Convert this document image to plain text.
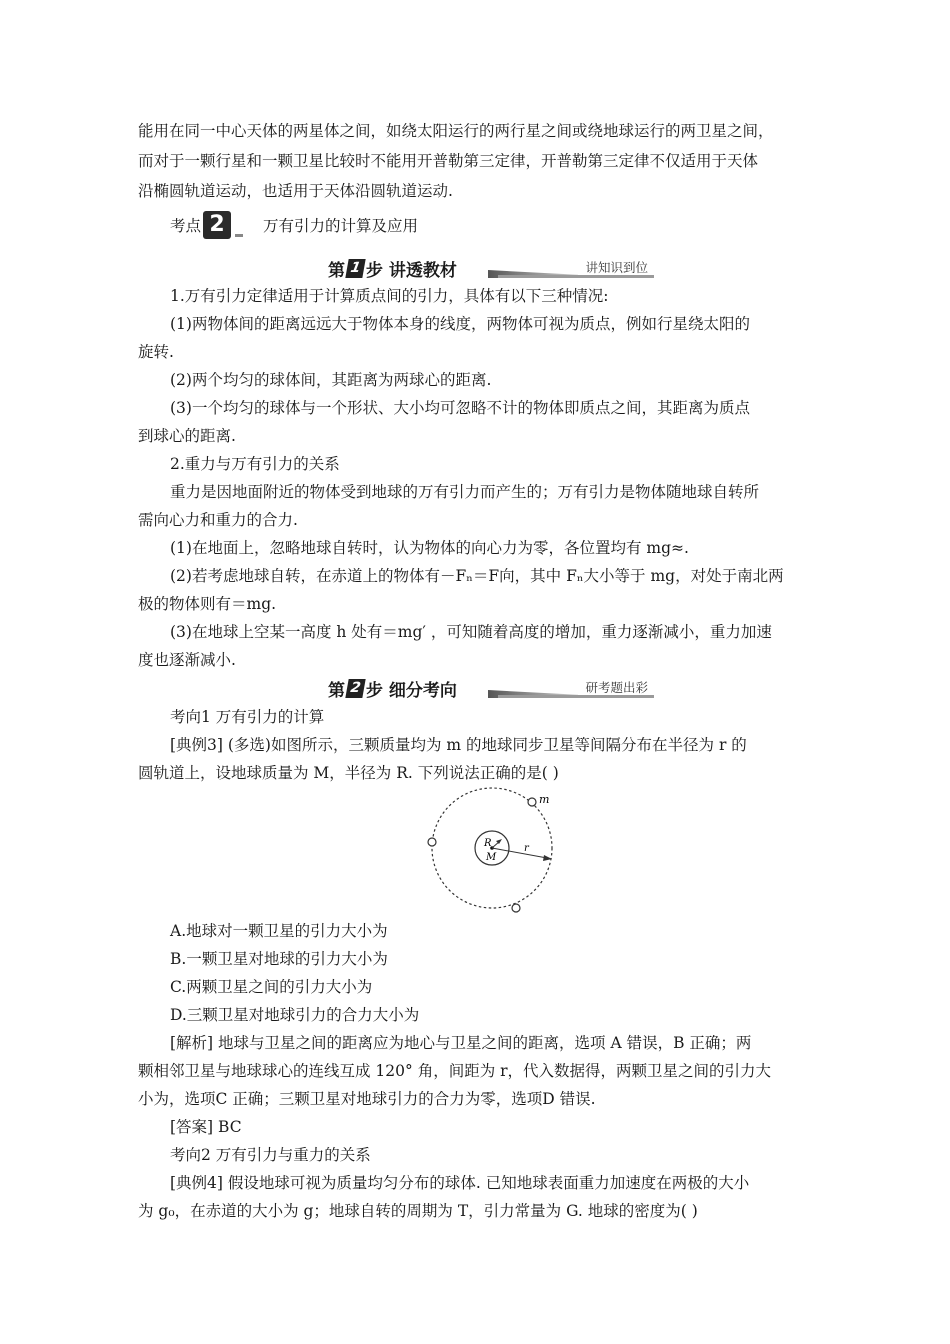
能用在同一中心天体的两星体之间，如绕太阳运行的两行星之间或绕地球运行的两卫星之间，

而对于一颗行星和一颗卫星比较时不能用开普勒第三定律，开普勒第三定律不仅适用于天体

沿椭圆轨道运动，也适用于天体沿圆轨道运动.

考点 2	万有引力的计算及应用
第 1 步 讲透教材	讲知识到位

1.万有引力定律适用于计算质点间的引力，具体有以下三种情况:

(1)两物体间的距离远远大于物体本身的线度，两物体可视为质点，例如行星绕太阳的

旋转.

(2)两个均匀的球体间，其距离为两球心的距离.

(3)一个均匀的球体与一个形状、大小均可忽略不计的物体即质点之间，其距离为质点

到球心的距离.

2.重力与万有引力的关系

重力是因地面附近的物体受到地球的万有引力而产生的；万有引力是物体随地球自转所

需向心力和重力的合力.

(1)在地面上，忽略地球自转时，认为物体的向心力为零，各位置均有 mg≈.

(2)若考虑地球自转，在赤道上的物体有－Fₙ＝F向，其中 Fₙ大小等于 mg，对处于南北两

极的物体则有＝mg.

(3)在地球上空某一高度 h 处有＝mg′ ，可知随着高度的增加，重力逐渐减小，重力加速

度也逐渐减小.

第 2 步 细分考向	研考题出彩

考向1 万有引力的计算

[典例3] (多选)如图所示，三颗质量均为 m 的地球同步卫星等间隔分布在半径为 r 的

圆轨道上，设地球质量为 M，半径为 R. 下列说法正确的是( )

m
R
M
r

A.地球对一颗卫星的引力大小为

B.一颗卫星对地球的引力大小为

C.两颗卫星之间的引力大小为

D.三颗卫星对地球引力的合力大小为

[解析] 地球与卫星之间的距离应为地心与卫星之间的距离，选项 A 错误，B 正确；两

颗相邻卫星与地球球心的连线互成 120° 角，间距为 r，代入数据得，两颗卫星之间的引力大

小为，选项C 正确；三颗卫星对地球引力的合力为零，选项D 错误.

[答案] BC

考向2 万有引力与重力的关系

[典例4] 假设地球可视为质量均匀分布的球体. 已知地球表面重力加速度在两极的大小

为 g₀，在赤道的大小为 g；地球自转的周期为 T，引力常量为 G. 地球的密度为( )
